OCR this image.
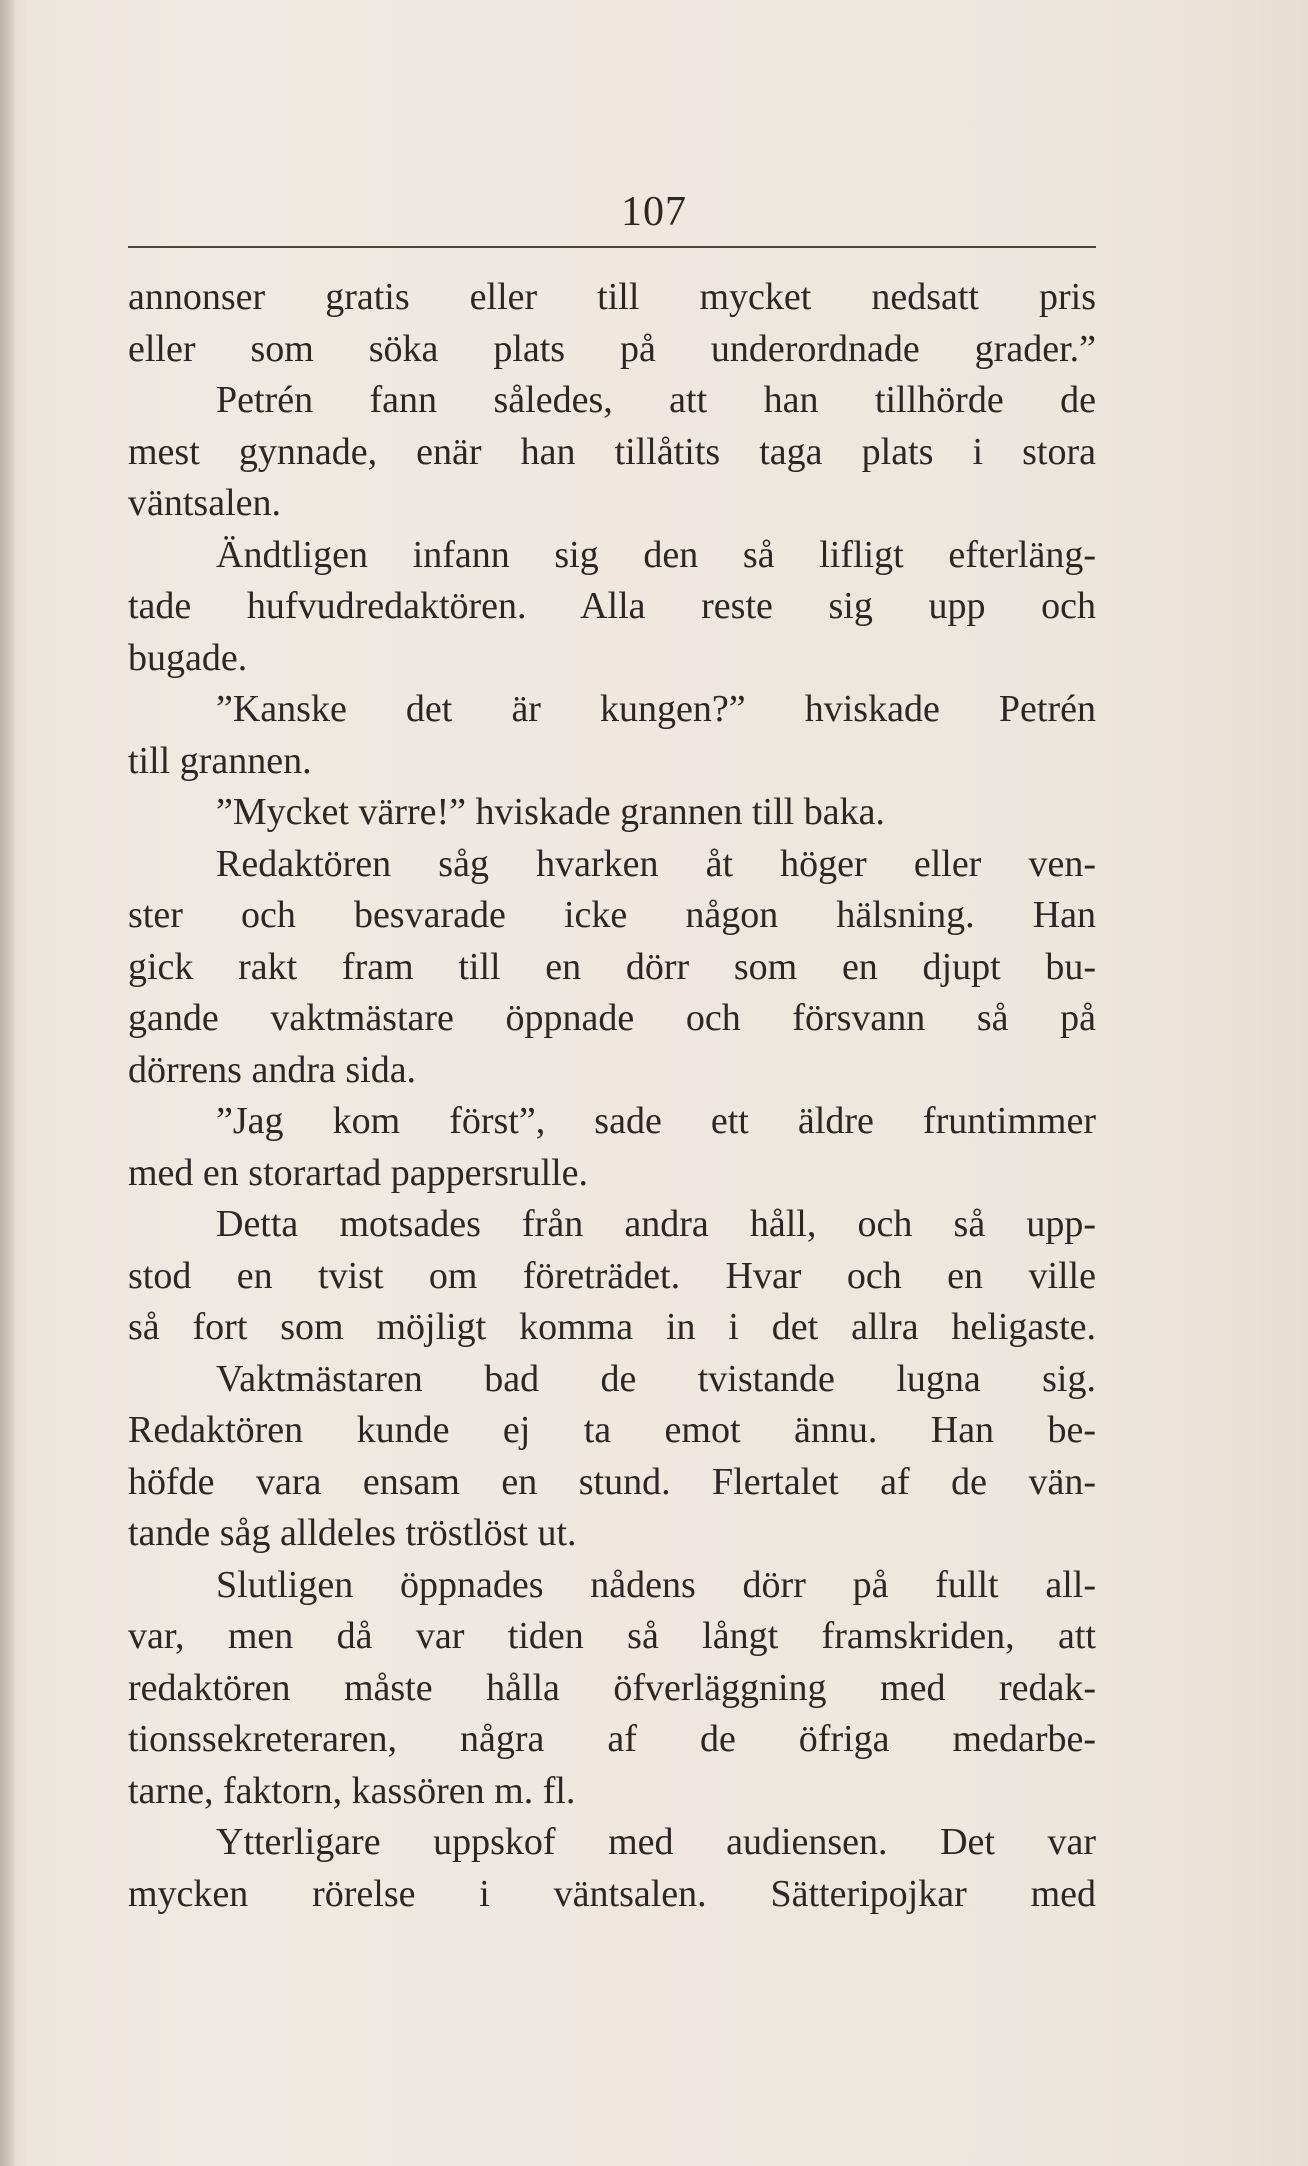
107
annonser gratis eller till mycket nedsatt pris
eller som söka plats på underordnade grader.”
Petrén fann således, att han tillhörde de
mest gynnade, enär han tillåtits taga plats i stora
väntsalen.
Ändtligen infann sig den så lifligt efterläng-
tade hufvudredaktören. Alla reste sig upp och
bugade.
”Kanske det är kungen?” hviskade Petrén
till grannen.
”Mycket värre!” hviskade grannen till baka.
Redaktören såg hvarken åt höger eller ven-
ster och besvarade icke någon hälsning. Han
gick rakt fram till en dörr som en djupt bu-
gande vaktmästare öppnade och försvann så på
dörrens andra sida.
”Jag kom först”, sade ett äldre fruntimmer
med en storartad pappersrulle.
Detta motsades från andra håll, och så upp-
stod en tvist om företrädet. Hvar och en ville
så fort som möjligt komma in i det allra heligaste.
Vaktmästaren bad de tvistande lugna sig.
Redaktören kunde ej ta emot ännu. Han be-
höfde vara ensam en stund. Flertalet af de vän-
tande såg alldeles tröstlöst ut.
Slutligen öppnades nådens dörr på fullt all-
var, men då var tiden så långt framskriden, att
redaktören måste hålla öfverläggning med redak-
tionssekreteraren, några af de öfriga medarbe-
tarne, faktorn, kassören m. fl.
Ytterligare uppskof med audiensen. Det var
mycken rörelse i väntsalen. Sätteripojkar med
